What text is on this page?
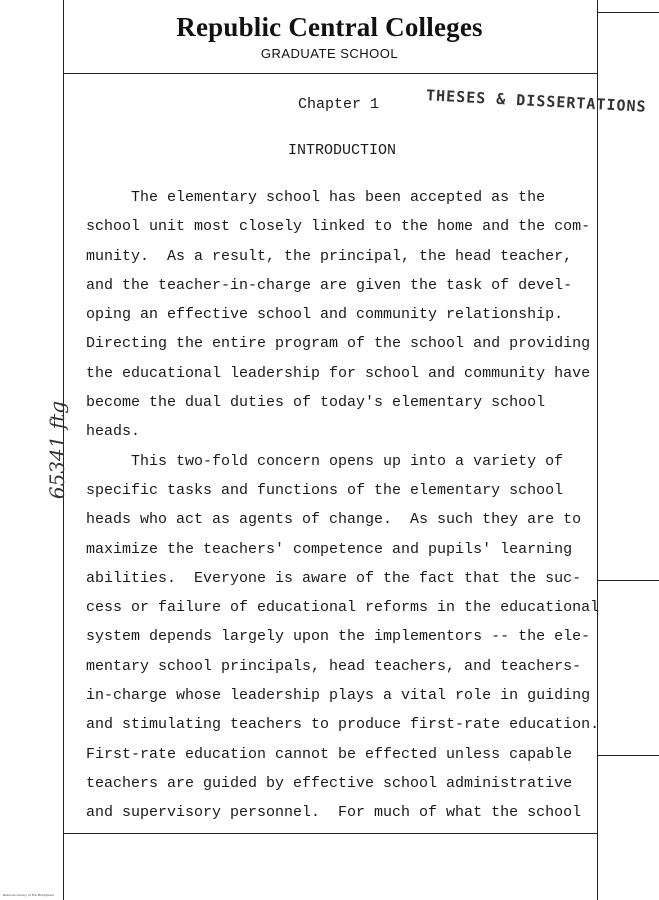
Republic Central Colleges
GRADUATE SCHOOL
Chapter 1	THESES & DISSERTATIONS
INTRODUCTION
65341 ftg
The elementary school has been accepted as the
school unit most closely linked to the home and the com-
munity.  As a result, the principal, the head teacher,
and the teacher-in-charge are given the task of devel-
oping an effective school and community relationship.
Directing the entire program of the school and providing
the educational leadership for school and community have
become the dual duties of today's elementary school
heads.
This two-fold concern opens up into a variety of
specific tasks and functions of the elementary school
heads who act as agents of change.  As such they are to
maximize the teachers' competence and pupils' learning
abilities.  Everyone is aware of the fact that the suc-
cess or failure of educational reforms in the educational
system depends largely upon the implementors -- the ele-
mentary school principals, head teachers, and teachers-
in-charge whose leadership plays a vital role in guiding
and stimulating teachers to produce first-rate education.
First-rate education cannot be effected unless capable
teachers are guided by effective school administrative
and supervisory personnel.  For much of what the school
National Library of the Philippines
